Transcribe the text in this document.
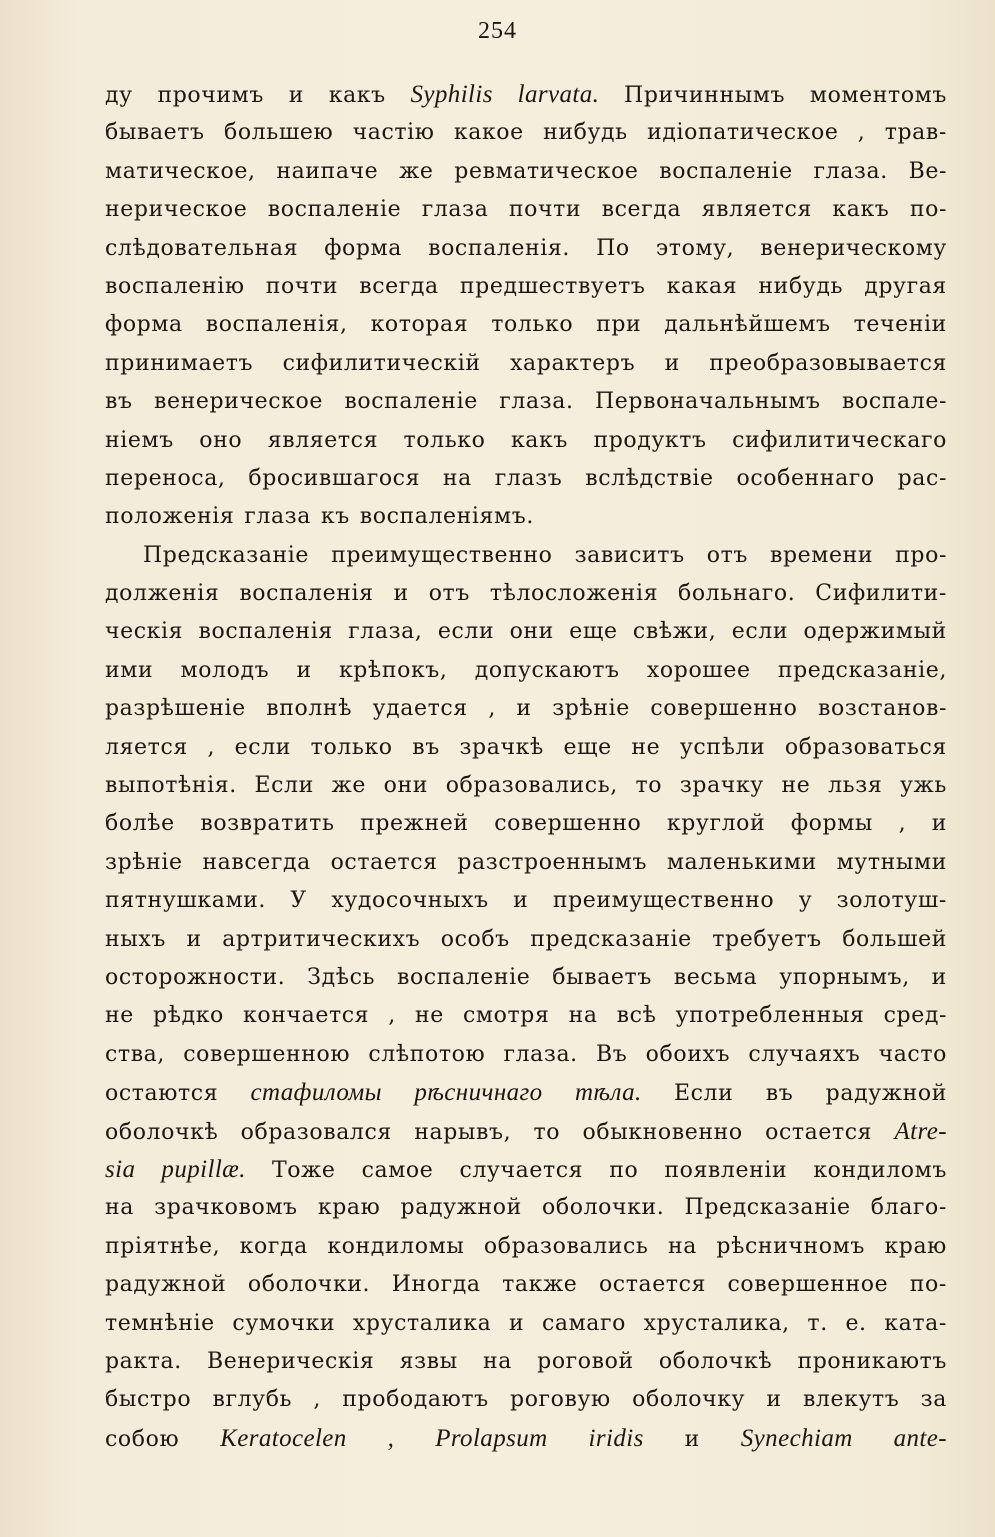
254
ду прочимъ и какъ Syphilis larvata. Причиннымъ моментомъ
бываетъ большею частію какое нибудь идіопатическое , трав-
матическое, наипаче же ревматическое воспаленіе глаза. Ве-
нерическое воспаленіе глаза почти всегда является какъ по-
слѣдовательная форма воспаленія. По этому, венерическому
воспаленію почти всегда предшествуетъ какая нибудь другая
форма воспаленія, которая только при дальнѣйшемъ теченіи
принимаетъ сифилитическій характеръ и преобразовывается
въ венерическое воспаленіе глаза. Первоначальнымъ воспале-
ніемъ оно является только какъ продуктъ сифилитическаго
переноса, бросившагося на глазъ вслѣдствіе особеннаго рас-
положенія глаза къ воспаленіямъ.
Предсказаніе преимущественно зависитъ отъ времени про-
долженія воспаленія и отъ тѣлосложенія больнаго. Сифилити-
ческія воспаленія глаза, если они еще свѣжи, если одержимый
ими молодъ и крѣпокъ, допускаютъ хорошее предсказаніе,
разрѣшеніе вполнѣ удается , и зрѣніе совершенно возстанов-
ляется , если только въ зрачкѣ еще не успѣли образоваться
выпотѣнія. Если же они образовались, то зрачку не льзя ужь
болѣе возвратить прежней совершенно круглой формы , и
зрѣніе навсегда остается разстроеннымъ маленькими мутными
пятнушками. У худосочныхъ и преимущественно у золотуш-
ныхъ и артритическихъ особъ предсказаніе требуетъ большей
осторожности. Здѣсь воспаленіе бываетъ весьма упорнымъ, и
не рѣдко кончается , не смотря на всѣ употребленныя сред-
ства, совершенною слѣпотою глаза. Въ обоихъ случаяхъ часто
остаются стафиломы рѣсничнаго тѣла. Если въ радужной
оболочкѣ образовался нарывъ, то обыкновенно остается Atre-
sia pupillæ. Тоже самое случается по появленіи кондиломъ
на зрачковомъ краю радужной оболочки. Предсказаніе благо-
пріятнѣе, когда кондиломы образовались на рѣсничномъ краю
радужной оболочки. Иногда также остается совершенное по-
темнѣніе сумочки хрусталика и самаго хрусталика, т. е. ката-
ракта. Венерическія язвы на роговой оболочкѣ проникаютъ
быстро вглубь , прободаютъ роговую оболочку и влекутъ за
собою Keratocelen , Prolapsum iridis и Synechiam ante-
